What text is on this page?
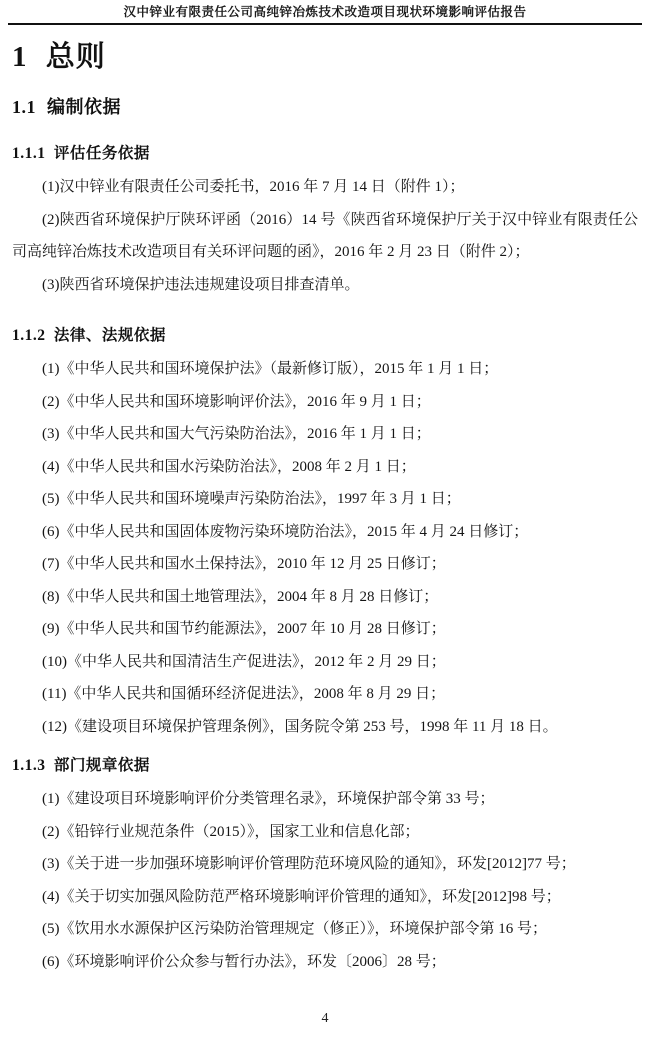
汉中锌业有限责任公司高纯锌冶炼技术改造项目现状环境影响评估报告
1 总则
1.1 编制依据
1.1.1 评估任务依据

(1)汉中锌业有限责任公司委托书，2016 年 7 月 14 日（附件 1）；

(2)陕西省环境保护厅陕环评函（2016）14 号《陕西省环境保护厅关于汉中锌业有限责任公司高纯锌冶炼技术改造项目有关环评问题的函》，2016 年 2 月 23 日（附件 2）；

(3)陕西省环境保护违法违规建设项目排查清单。

1.1.2 法律、法规依据

(1)《中华人民共和国环境保护法》（最新修订版），2015 年 1 月 1 日；

(2)《中华人民共和国环境影响评价法》，2016 年 9 月 1 日；

(3)《中华人民共和国大气污染防治法》，2016 年 1 月 1 日；

(4)《中华人民共和国水污染防治法》，2008 年 2 月 1 日；

(5)《中华人民共和国环境噪声污染防治法》，1997 年 3 月 1 日；

(6)《中华人民共和国固体废物污染环境防治法》，2015 年 4 月 24 日修订；

(7)《中华人民共和国水土保持法》，2010 年 12 月 25 日修订；

(8)《中华人民共和国土地管理法》，2004 年 8 月 28 日修订；

(9)《中华人民共和国节约能源法》，2007 年 10 月 28 日修订；

(10)《中华人民共和国清洁生产促进法》，2012 年 2 月 29 日；

(11)《中华人民共和国循环经济促进法》，2008 年 8 月 29 日；

(12)《建设项目环境保护管理条例》，国务院令第 253 号，1998 年 11 月 18 日。

1.1.3 部门规章依据

(1)《建设项目环境影响评价分类管理名录》，环境保护部令第 33 号；

(2)《铅锌行业规范条件（2015）》，国家工业和信息化部；

(3)《关于进一步加强环境影响评价管理防范环境风险的通知》，环发[2012]77 号；

(4)《关于切实加强风险防范严格环境影响评价管理的通知》，环发[2012]98 号；

(5)《饮用水水源保护区污染防治管理规定（修正）》，环境保护部令第 16 号；

(6)《环境影响评价公众参与暂行办法》，环发〔2006〕28 号；

4
